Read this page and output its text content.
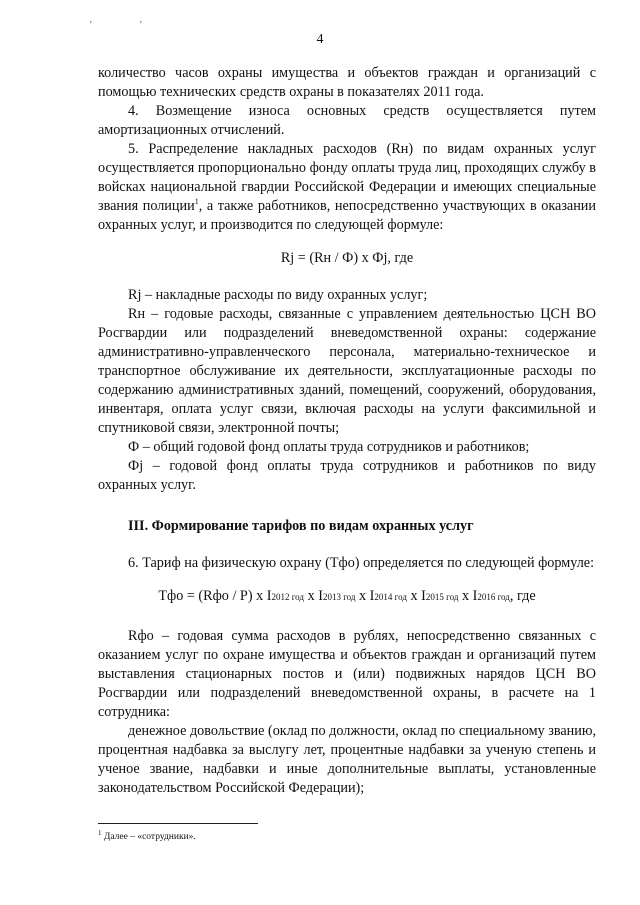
'	'
4

количество часов охраны имущества и объектов граждан и организаций с помощью технических средств охраны в показателях 2011 года.

4. Возмещение износа основных средств осуществляется путем амортизационных отчислений.

5. Распределение накладных расходов (Rн) по видам охранных услуг осуществляется пропорционально фонду оплаты труда лиц, проходящих службу в войсках национальной гвардии Российской Федерации и имеющих специальные звания полиции$^1$, а также работников, непосредственно участвующих в оказании охранных услуг, и производится по следующей формуле:

Rj = (Rн / Ф) х Фj, где

Rj – накладные расходы по виду охранных услуг;

Rн – годовые расходы, связанные с управлением деятельностью ЦСН ВО Росгвардии или подразделений вневедомственной охраны: содержание административно-управленческого персонала, материально-техническое и транспортное обслуживание их деятельности, эксплуатационные расходы по содержанию административных зданий, помещений, сооружений, оборудования, инвентаря, оплата услуг связи, включая расходы на услуги факсимильной и спутниковой связи, электронной почты;

Ф – общий годовой фонд оплаты труда сотрудников и работников;

Фj – годовой фонд оплаты труда сотрудников и работников по виду охранных услуг.

III. Формирование тарифов по видам охранных услуг

6. Тариф на физическую охрану (Тфо) определяется по следующей формуле:

Тфо = (Rфо / Р) х I2012 год х I2013 год х I2014 год х I2015 год х I2016 год, где

Rфо – годовая сумма расходов в рублях, непосредственно связанных с оказанием услуг по охране имущества и объектов граждан и организаций путем выставления стационарных постов и (или) подвижных нарядов ЦСН ВО Росгвардии или подразделений вневедомственной охраны, в расчете на 1 сотрудника:

денежное довольствие (оклад по должности, оклад по специальному званию, процентная надбавка за выслугу лет, процентные надбавки за ученую степень и ученое звание, надбавки и иные дополнительные выплаты, установленные законодательством Российской Федерации);

$^1$ Далее – «сотрудники».
